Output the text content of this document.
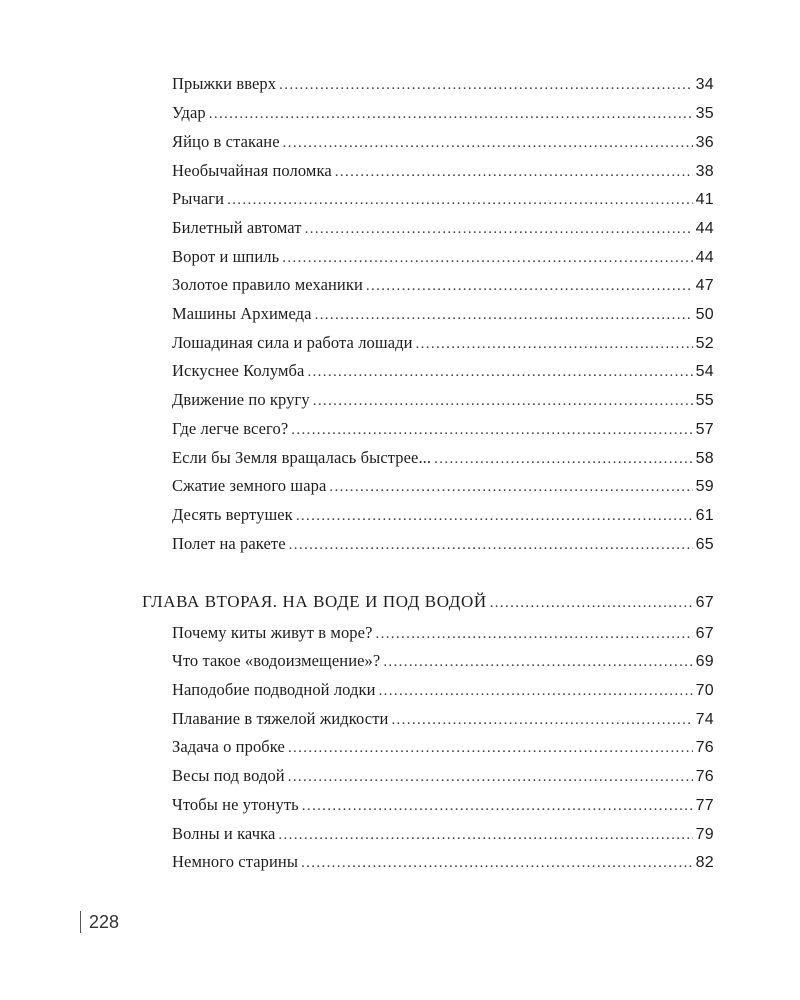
Прыжки вверх . . .	34
Удар . . .	35
Яйцо в стакане . . .	36
Необычайная поломка . . .	38
Рычаги . . .	41
Билетный автомат . . .	44
Ворот и шпиль . . .	44
Золотое правило механики . . .	47
Машины Архимеда . . .	50
Лошадиная сила и работа лошади . . .	52
Искуснее Колумба . . .	54
Движение по кругу . . .	55
Где легче всего? . . .	57
Если бы Земля вращалась быстрее... . . .	58
Сжатие земного шара . . .	59
Десять вертушек . . .	61
Полет на ракете . . .	65
ГЛАВА ВТОРАЯ. НА ВОДЕ И ПОД ВОДОЙ . . .	67
Почему киты живут в море? . . .	67
Что такое «водоизмещение»? . . .	69
Наподобие подводной лодки . . .	70
Плавание в тяжелой жидкости . . .	74
Задача о пробке . . .	76
Весы под водой . . .	76
Чтобы не утонуть . . .	77
Волны и качка . . .	79
Немного старины . . .	82
228
